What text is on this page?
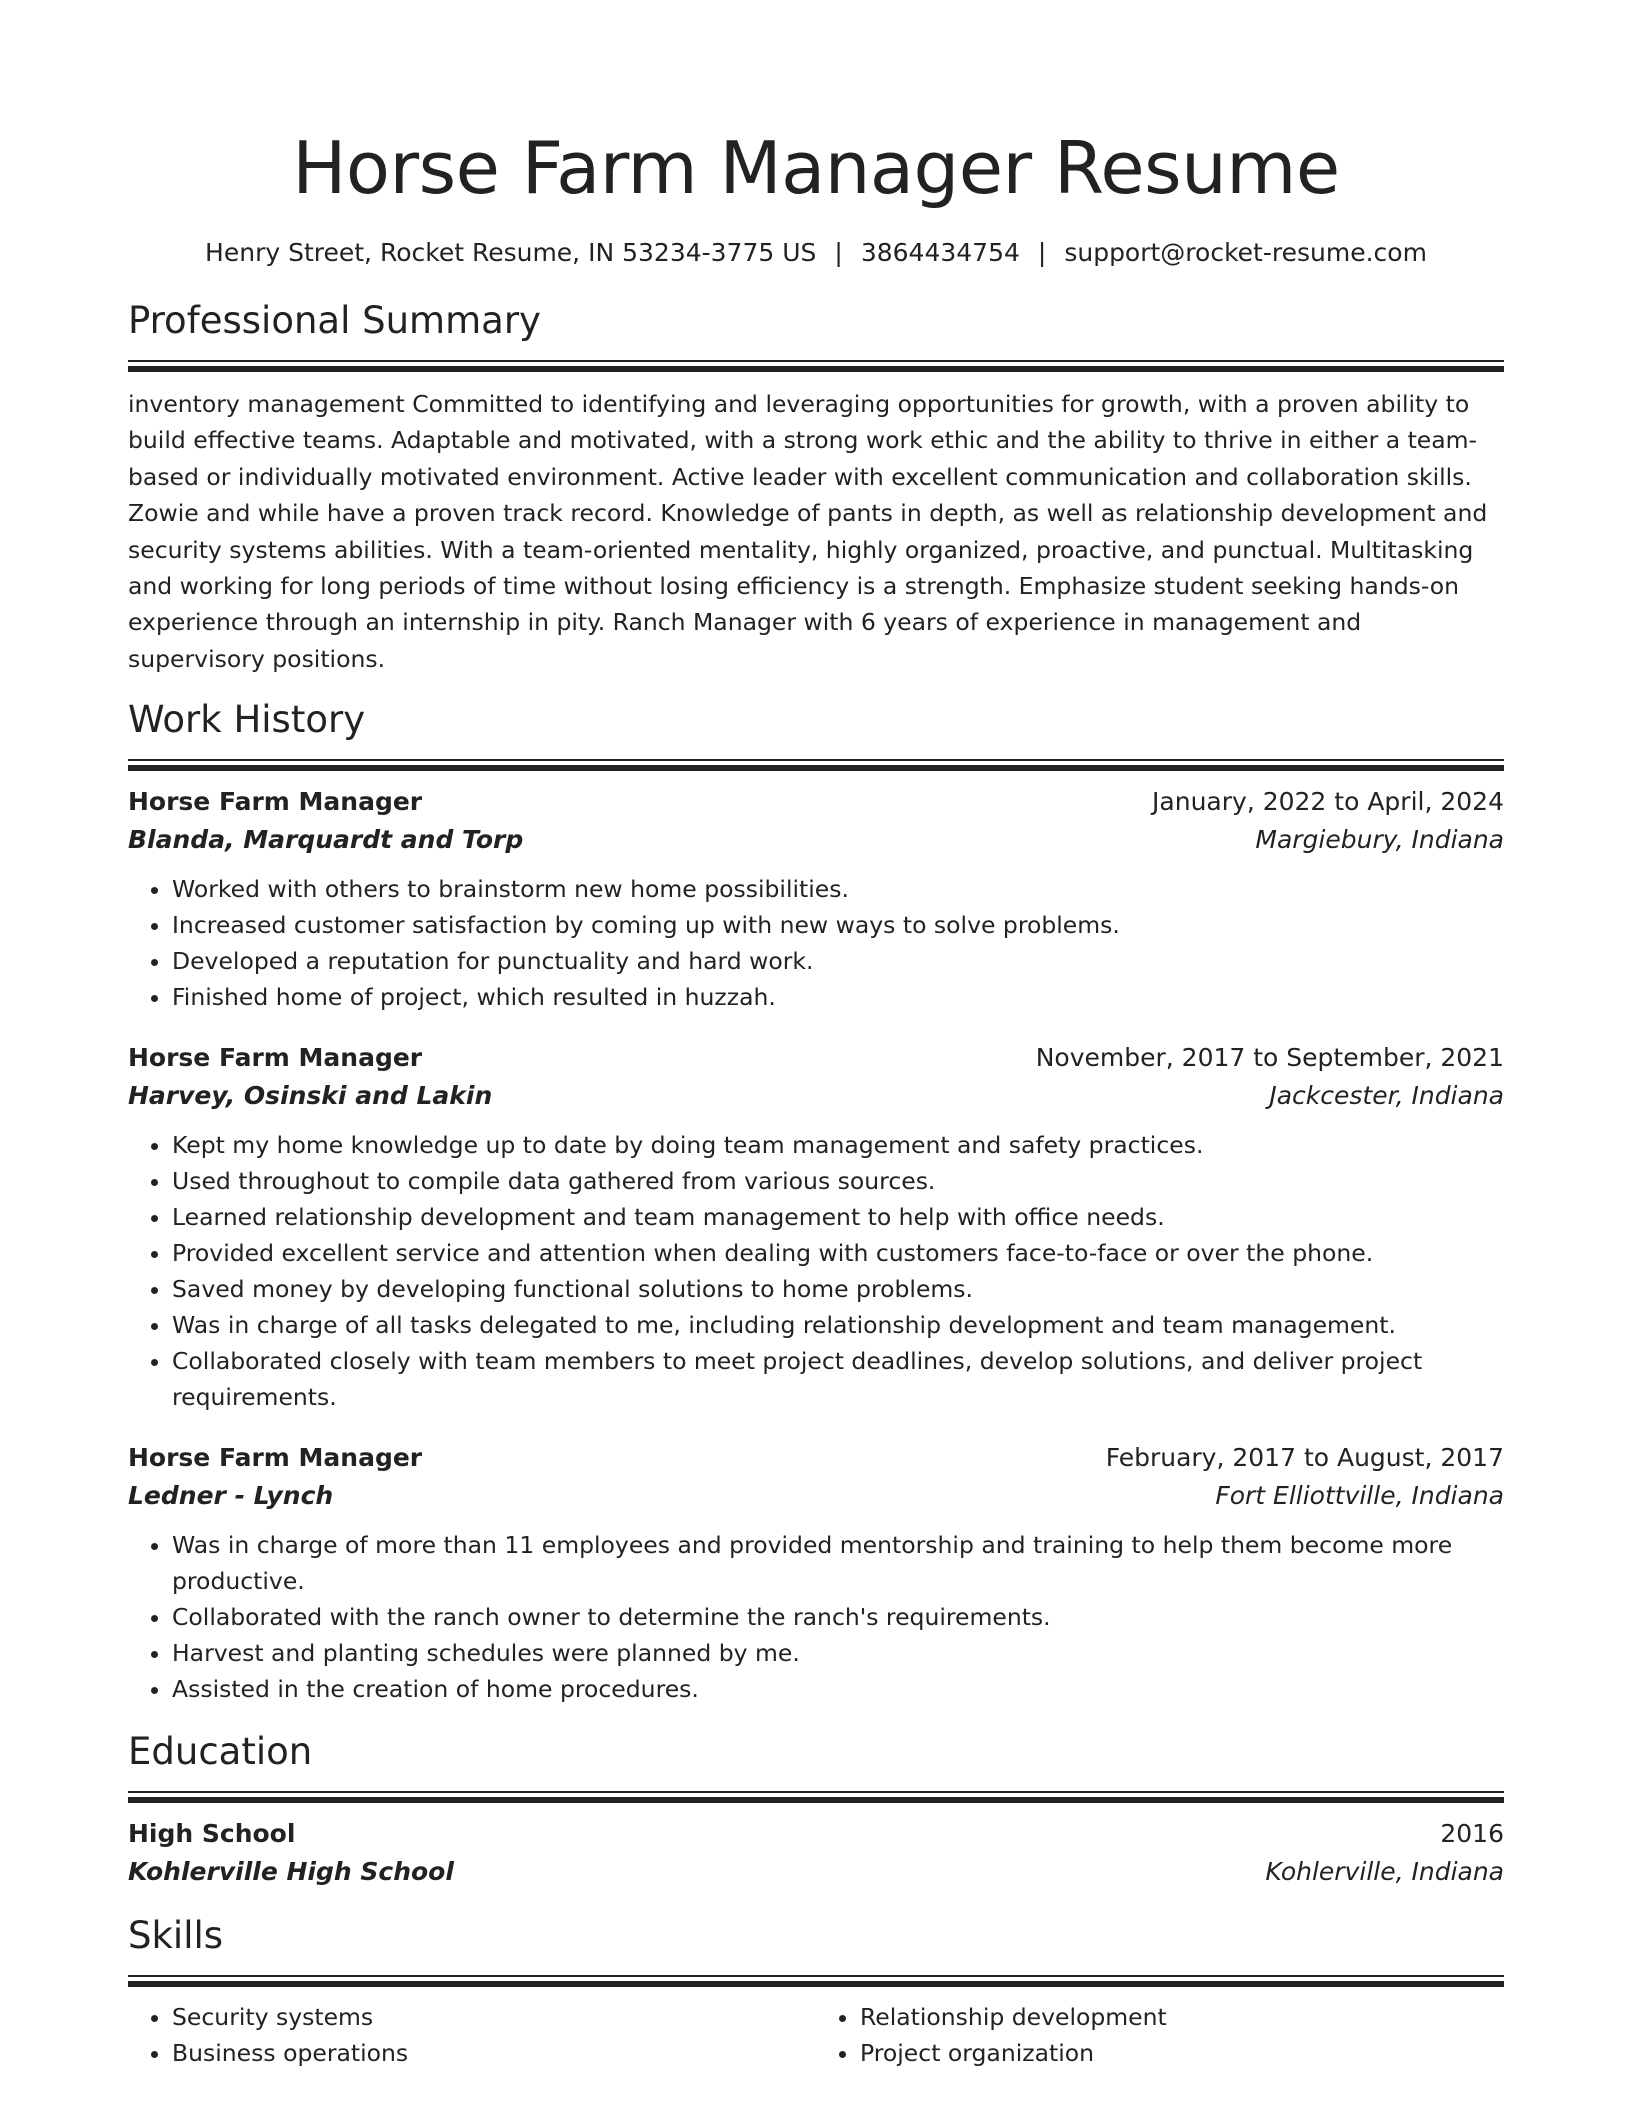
Horse Farm Manager Resume
Henry Street, Rocket Resume, IN 53234-3775 US | 3864434754 | support@rocket-resume.com
Professional Summary

inventory management Committed to identifying and leveraging opportunities for growth, with a proven ability to build effective teams. Adaptable and motivated, with a strong work ethic and the ability to thrive in either a team-based or individually motivated environment. Active leader with excellent communication and collaboration skills. Zowie and while have a proven track record. Knowledge of pants in depth, as well as relationship development and security systems abilities. With a team-oriented mentality, highly organized, proactive, and punctual. Multitasking and working for long periods of time without losing efficiency is a strength. Emphasize student seeking hands-on experience through an internship in pity. Ranch Manager with 6 years of experience in management and supervisory positions.

Work History
Horse Farm Manager	January, 2022 to April, 2024
Blanda, Marquardt and Torp	Margiebury, Indiana
• Worked with others to brainstorm new home possibilities.
• Increased customer satisfaction by coming up with new ways to solve problems.
• Developed a reputation for punctuality and hard work.
• Finished home of project, which resulted in huzzah.
Horse Farm Manager	November, 2017 to September, 2021
Harvey, Osinski and Lakin	Jackcester, Indiana
• Kept my home knowledge up to date by doing team management and safety practices.
• Used throughout to compile data gathered from various sources.
• Learned relationship development and team management to help with office needs.
• Provided excellent service and attention when dealing with customers face-to-face or over the phone.
• Saved money by developing functional solutions to home problems.
• Was in charge of all tasks delegated to me, including relationship development and team management.
• Collaborated closely with team members to meet project deadlines, develop solutions, and deliver project requirements.
Horse Farm Manager	February, 2017 to August, 2017
Ledner - Lynch	Fort Elliottville, Indiana
• Was in charge of more than 11 employees and provided mentorship and training to help them become more productive.
• Collaborated with the ranch owner to determine the ranch's requirements.
• Harvest and planting schedules were planned by me.
• Assisted in the creation of home procedures.
Education
High School	2016
Kohlerville High School	Kohlerville, Indiana
Skills
• Security systems
• Business operations
• Relationship development
• Project organization
